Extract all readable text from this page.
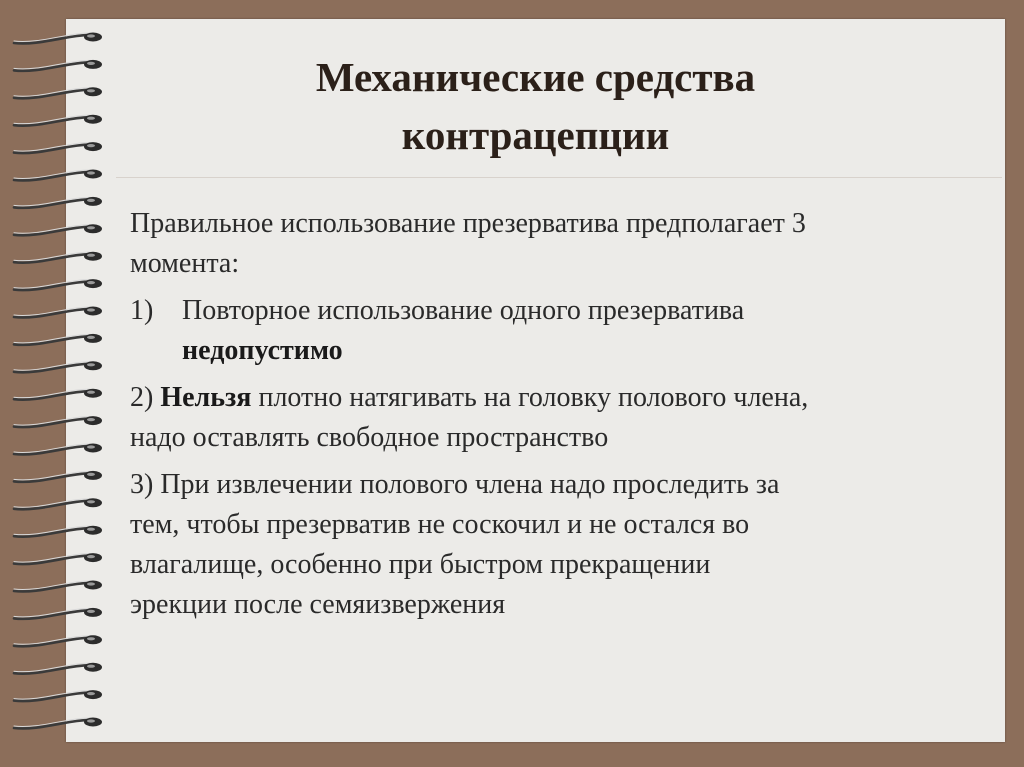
Механические средства
контрацепции
Правильное использование презерватива предполагает 3
момента:
1) Повторное использование одного презерватива
недопустимо
2) Нельзя плотно натягивать на головку полового члена,
надо оставлять свободное пространство
3) При извлечении полового члена надо проследить за
тем, чтобы презерватив не соскочил и не остался во
влагалище, особенно при быстром прекращении
эрекции после семяизвержения
